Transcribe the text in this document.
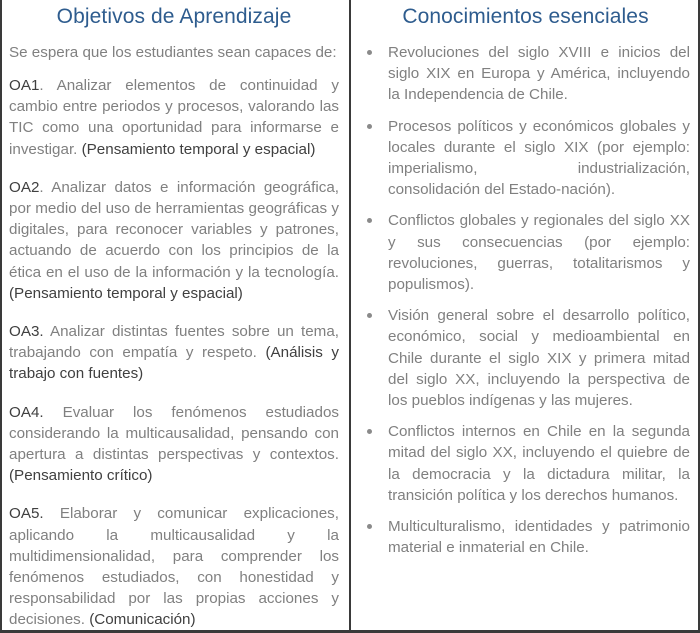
Objetivos de Aprendizaje
Se espera que los estudiantes sean capaces de:
OA1. Analizar elementos de continuidad y cambio entre periodos y procesos, valorando las TIC como una oportunidad para informarse e investigar. (Pensamiento temporal y espacial)
OA2. Analizar datos e información geográfica, por medio del uso de herramientas geográficas y digitales, para reconocer variables y patrones, actuando de acuerdo con los principios de la ética en el uso de la información y la tecnología. (Pensamiento temporal y espacial)
OA3. Analizar distintas fuentes sobre un tema, trabajando con empatía y respeto. (Análisis y trabajo con fuentes)
OA4. Evaluar los fenómenos estudiados considerando la multicausalidad, pensando con apertura a distintas perspectivas y contextos. (Pensamiento crítico)
OA5. Elaborar y comunicar explicaciones, aplicando la multicausalidad y la multidimensionalidad, para comprender los fenómenos estudiados, con honestidad y responsabilidad por las propias acciones y decisiones. (Comunicación)
Conocimientos esenciales
Revoluciones del siglo XVIII e inicios del siglo XIX en Europa y América, incluyendo la Independencia de Chile.
Procesos políticos y económicos globales y locales durante el siglo XIX (por ejemplo: imperialismo, industrialización, consolidación del Estado-nación).
Conflictos globales y regionales del siglo XX y sus consecuencias (por ejemplo: revoluciones, guerras, totalitarismos y populismos).
Visión general sobre el desarrollo político, económico, social y medioambiental en Chile durante el siglo XIX y primera mitad del siglo XX, incluyendo la perspectiva de los pueblos indígenas y las mujeres.
Conflictos internos en Chile en la segunda mitad del siglo XX, incluyendo el quiebre de la democracia y la dictadura militar, la transición política y los derechos humanos.
Multiculturalismo, identidades y patrimonio material e inmaterial en Chile.
